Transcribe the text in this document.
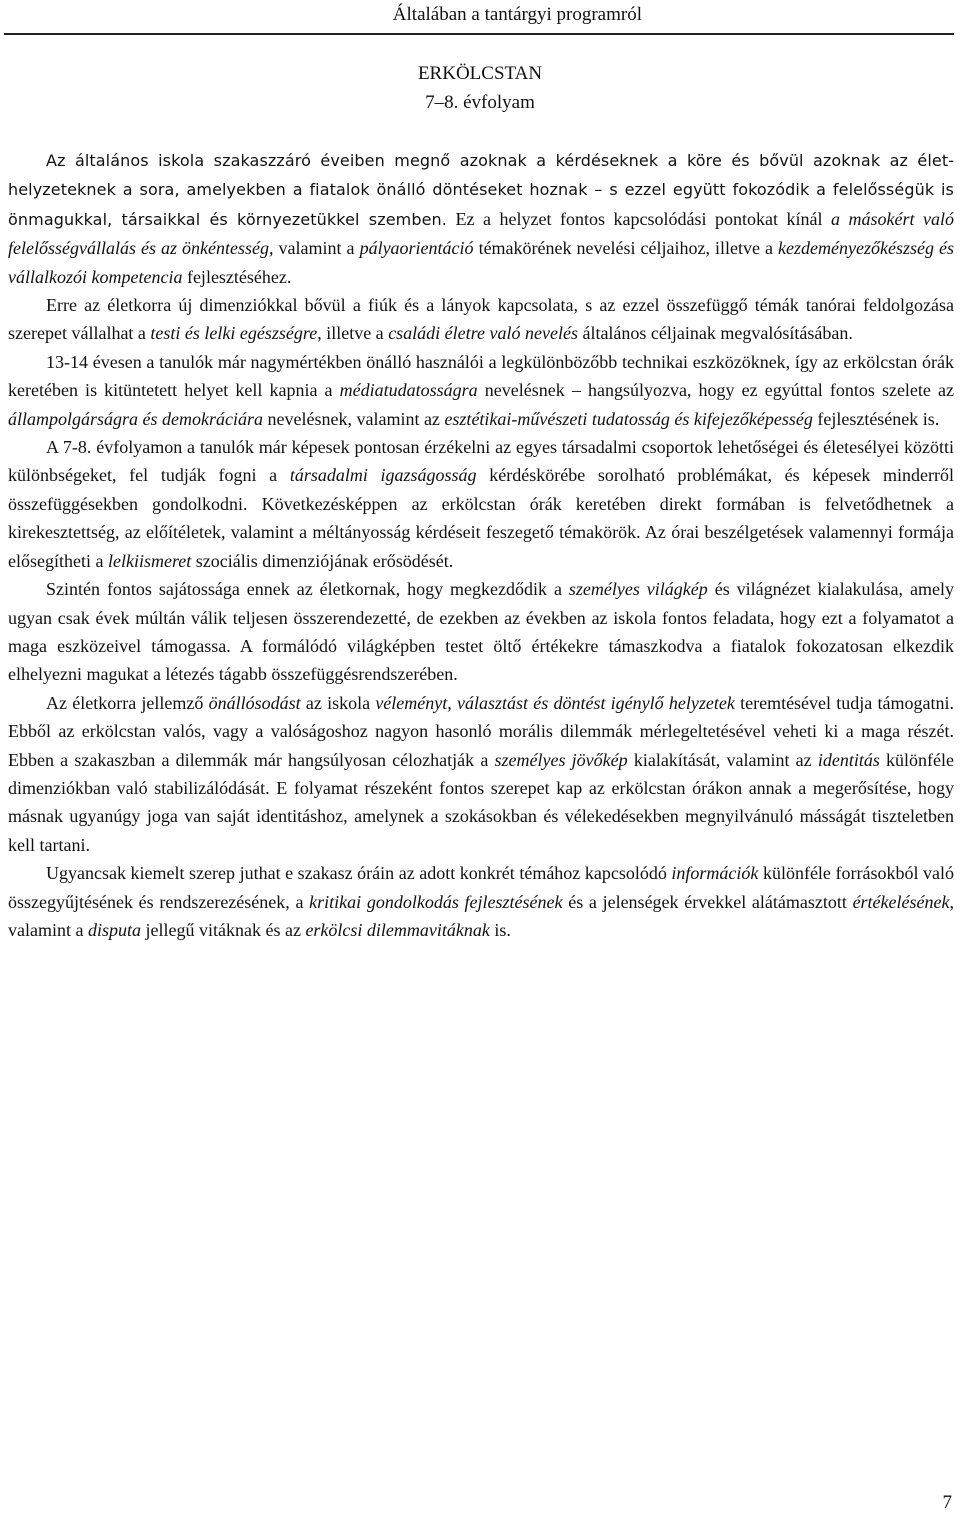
Általában a tantárgyi programról
ERKÖLCSTAN
7–8. évfolyam

Az általános iskola szakaszzáró éveiben megnő azoknak a kérdéseknek a köre és bővül azoknak az élethelyzeteknek a sora, amelyekben a fiatalok önálló döntéseket hoznak – s ezzel együtt fokozódik a felelősségük is önmagukkal, társaikkal és környezetükkel szemben. Ez a helyzet fontos kapcsolódási pontokat kínál a másokért való felelősségvállalás és az önkéntesség, valamint a pályaorientáció témakörének nevelési céljaihoz, illetve a kezdeményezőkészség és vállalkozói kompetencia fejlesztéséhez.

Erre az életkorra új dimenziókkal bővül a fiúk és a lányok kapcsolata, s az ezzel összefüggő témák tanórai feldolgozása szerepet vállalhat a testi és lelki egészségre, illetve a családi életre való nevelés általános céljainak megvalósításában.

13-14 évesen a tanulók már nagymértékben önálló használói a legkülönbözőbb technikai eszközöknek, így az erkölcstan órák keretében is kitüntetett helyet kell kapnia a médiatudatosságra nevelésnek – hangsúlyozva, hogy ez egyúttal fontos szelete az állampolgárságra és demokráciára nevelésnek, valamint az esztétikai-művészeti tudatosság és kifejezőképesség fejlesztésének is.

A 7-8. évfolyamon a tanulók már képesek pontosan érzékelni az egyes társadalmi csoportok lehetőségei és életesélyei közötti különbségeket, fel tudják fogni a társadalmi igazságosság kérdéskörébe sorolható problémákat, és képesek minderről összefüggésekben gondolkodni. Következésképpen az erkölcstan órák keretében direkt formában is felvetődhetnek a kirekesztettség, az előítéletek, valamint a méltányosság kérdéseit feszegető témakörök. Az órai beszélgetések valamennyi formája elősegítheti a lelkiismeret szociális dimenziójának erősödését.

Szintén fontos sajátossága ennek az életkornak, hogy megkezdődik a személyes világkép és világnézet kialakulása, amely ugyan csak évek múltán válik teljesen összerendezetté, de ezekben az években az iskola fontos feladata, hogy ezt a folyamatot a maga eszközeivel támogassa. A formálódó világképben testet öltő értékekre támaszkodva a fiatalok fokozatosan elkezdik elhelyezni magukat a létezés tágabb összefüggésrendszerében.

Az életkorra jellemző önállósodást az iskola véleményt, választást és döntést igénylő helyzetek teremtésével tudja támogatni. Ebből az erkölcstan valós, vagy a valóságoshoz nagyon hasonló morális dilemmák mérlegeltetésével veheti ki a maga részét. Ebben a szakaszban a dilemmák már hangsúlyosan célozhatják a személyes jövőkép kialakítását, valamint az identitás különféle dimenziókban való stabilizálódását. E folyamat részeként fontos szerepet kap az erkölcstan órákon annak a megerősítése, hogy másnak ugyanúgy joga van saját identitáshoz, amelynek a szokásokban és vélekedésekben megnyilvánuló másságát tiszteletben kell tartani.

Ugyancsak kiemelt szerep juthat e szakasz óráin az adott konkrét témához kapcsolódó információk különféle forrásokból való összegyűjtésének és rendszerezésének, a kritikai gondolkodás fejlesztésének és a jelenségek érvekkel alátámasztott értékelésének, valamint a disputa jellegű vitáknak és az erkölcsi dilemmavitáknak is.

7
